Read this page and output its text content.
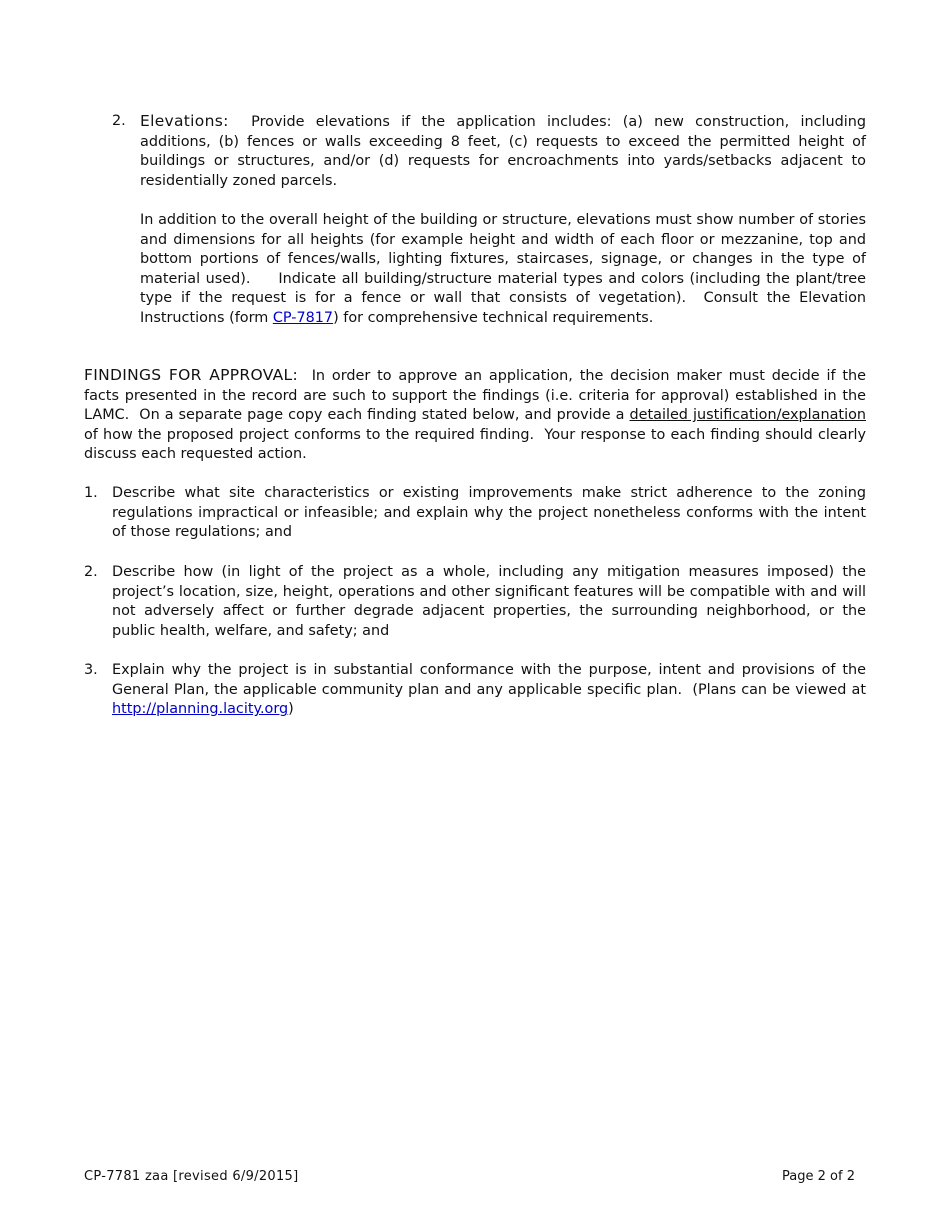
2. Elevations: Provide elevations if the application includes: (a) new construction, including additions, (b) fences or walls exceeding 8 feet, (c) requests to exceed the permitted height of buildings or structures, and/or (d) requests for encroachments into yards/setbacks adjacent to residentially zoned parcels.

In addition to the overall height of the building or structure, elevations must show number of stories and dimensions for all heights (for example height and width of each floor or mezzanine, top and bottom portions of fences/walls, lighting fixtures, staircases, signage, or changes in the type of material used).     Indicate all building/structure material types and colors (including the plant/tree type if the request is for a fence or wall that consists of vegetation).  Consult the Elevation Instructions (form CP-7817) for comprehensive technical requirements.

FINDINGS FOR APPROVAL: In order to approve an application, the decision maker must decide if the facts presented in the record are such to support the findings (i.e. criteria for approval) established in the LAMC.  On a separate page copy each finding stated below, and provide a detailed justification/explanation of how the proposed project conforms to the required finding.  Your response to each finding should clearly discuss each requested action.
1. Describe what site characteristics or existing improvements make strict adherence to the zoning regulations impractical or infeasible; and explain why the project nonetheless conforms with the intent of those regulations; and

2. Describe how (in light of the project as a whole, including any mitigation measures imposed) the project’s location, size, height, operations and other significant features will be compatible with and will not adversely affect or further degrade adjacent properties, the surrounding neighborhood, or the public health, welfare, and safety; and

3. Explain why the project is in substantial conformance with the purpose, intent and provisions of the General Plan, the applicable community plan and any applicable specific plan.  (Plans can be viewed at http://planning.lacity.org)

CP-7781 zaa [revised 6/9/2015]	Page 2 of 2
